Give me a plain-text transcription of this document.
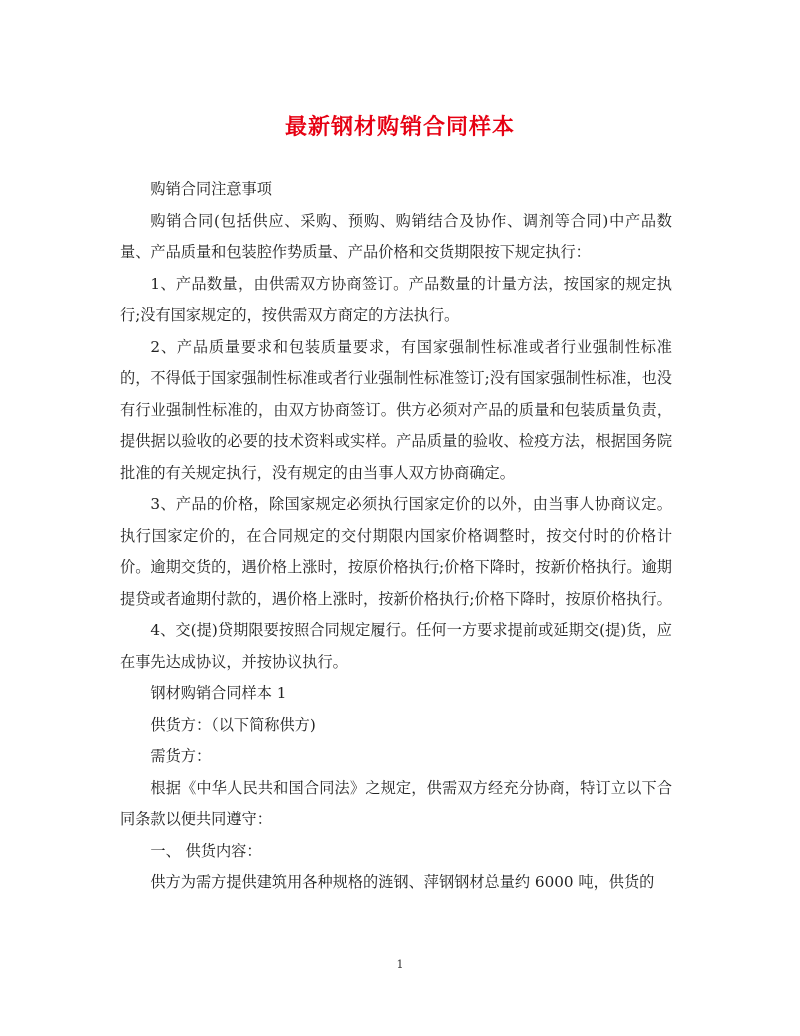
最新钢材购销合同样本

购销合同注意事项

购销合同(包括供应、采购、预购、购销结合及协作、调剂等合同)中产品数量、产品质量和包装腔作势质量、产品价格和交货期限按下规定执行：

1、产品数量，由供需双方协商签订。产品数量的计量方法，按国家的规定执行;没有国家规定的，按供需双方商定的方法执行。

2、产品质量要求和包装质量要求，有国家强制性标准或者行业强制性标准的，不得低于国家强制性标准或者行业强制性标准签订;没有国家强制性标准，也没有行业强制性标准的，由双方协商签订。供方必须对产品的质量和包装质量负责，提供据以验收的必要的技术资料或实样。产品质量的验收、检疫方法，根据国务院批准的有关规定执行，没有规定的由当事人双方协商确定。

3、产品的价格，除国家规定必须执行国家定价的以外，由当事人协商议定。执行国家定价的，在合同规定的交付期限内国家价格调整时，按交付时的价格计价。逾期交货的，遇价格上涨时，按原价格执行;价格下降时，按新价格执行。逾期提贷或者逾期付款的，遇价格上涨时，按新价格执行;价格下降时，按原价格执行。

4、交(提)贷期限要按照合同规定履行。任何一方要求提前或延期交(提)货，应在事先达成协议，并按协议执行。

钢材购销合同样本 1

供货方：（以下简称供方)

需货方：

根据《中华人民共和国合同法》之规定，供需双方经充分协商，特订立以下合同条款以便共同遵守：

一、 供货内容：

供方为需方提供建筑用各种规格的涟钢、萍钢钢材总量约 6000 吨，供货的

1
